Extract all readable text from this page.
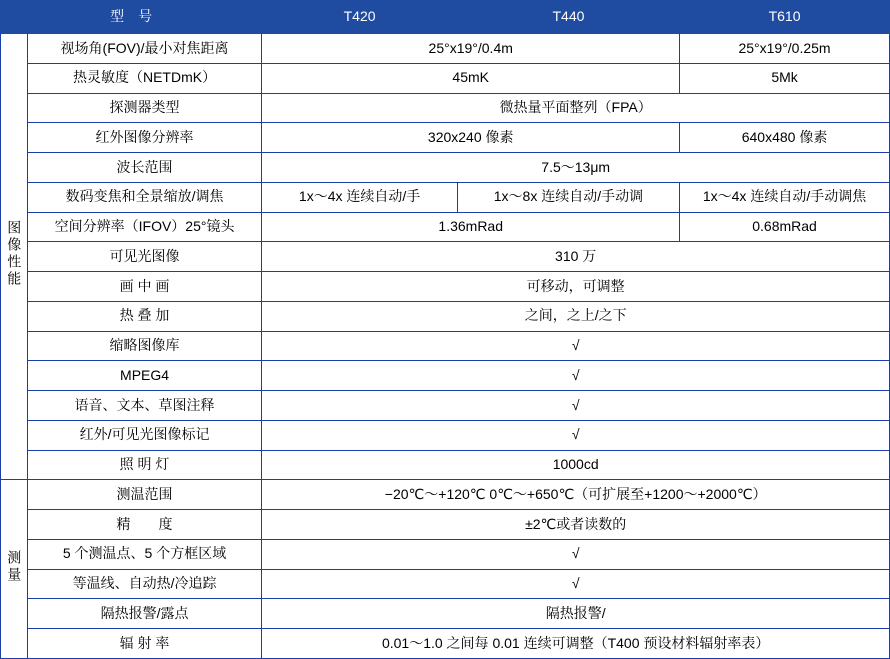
型　号		T420	T440	T610
图像性能	视场角(FOV)/最小对焦距离	25°x19°/0.4m		25°x19°/0.25m
	热灵敏度（NETDmK）	45mK		5Mk
	探测器类型	微热量平面整列（FPA）		
	红外图像分辨率	320x240 像素		640x480 像素
	波长范围	7.5～13μm		
	数码变焦和全景缩放/调焦	1x～4x 连续自动/手	1x～8x 连续自动/手动调	1x～4x 连续自动/手动调焦
	空间分辨率（IFOV）25°镜头	1.36mRad		0.68mRad
	可见光图像	310 万		
	画 中 画	可移动，可调整		
	热 叠 加	之间，之上/之下		
	缩略图像库	√		
	MPEG4	√		
	语音、文本、草图注释	√		
	红外/可见光图像标记	√		
	照 明 灯	1000cd		
测量	测温范围	−20℃～+120℃ 0℃～+650℃（可扩展至+1200～+2000℃）		
	精　　度	±2℃或者读数的		
	5 个测温点、5 个方框区域	√		
	等温线、自动热/冷追踪	√		
	隔热报警/露点	隔热报警/		
	辐 射 率	0.01～1.0 之间每 0.01 连续可调整（T400 预设材料辐射率表）		
